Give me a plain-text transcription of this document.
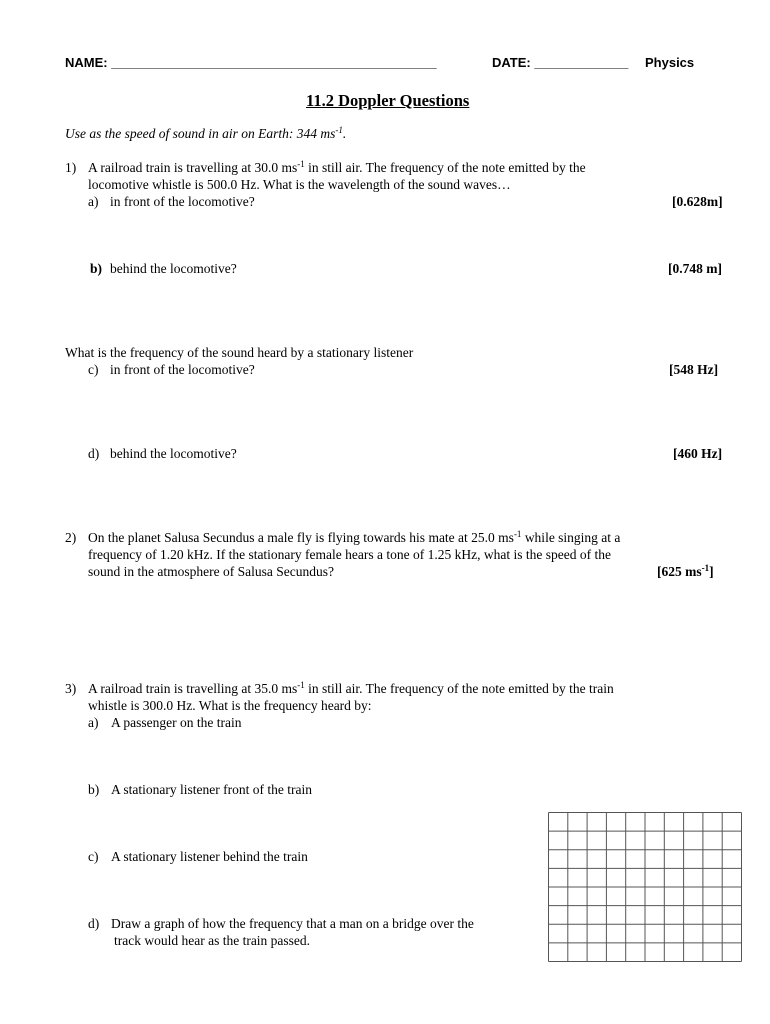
NAME: _____________________________________________	DATE: _____________ Physics
11.2 Doppler Questions
Use as the speed of sound in air on Earth: 344 $ms^{-1}$.
1) A railroad train is travelling at 30.0 $ms^{-1}$ in still air. The frequency of the note emitted by the
locomotive whistle is 500.0 Hz. What is the wavelength of the sound waves…
a) in front of the locomotive?	[0.628m]
b) behind the locomotive?	[0.748 m]
What is the frequency of the sound heard by a stationary listener
c) in front of the locomotive?	[548 Hz]
d) behind the locomotive?	[460 Hz]
2) On the planet Salusa Secundus a male fly is flying towards his mate at 25.0 $ms^{-1}$ while singing at a
frequency of 1.20 kHz. If the stationary female hears a tone of 1.25 kHz, what is the speed of the
sound in the atmosphere of Salusa Secundus?	[625 $ms^{-1}$]
3) A railroad train is travelling at 35.0 $ms^{-1}$ in still air. The frequency of the note emitted by the train
whistle is 300.0 Hz. What is the frequency heard by:
a) A passenger on the train
b) A stationary listener front of the train
c) A stationary listener behind the train
d) Draw a graph of how the frequency that a man on a bridge over the
track would hear as the train passed.
